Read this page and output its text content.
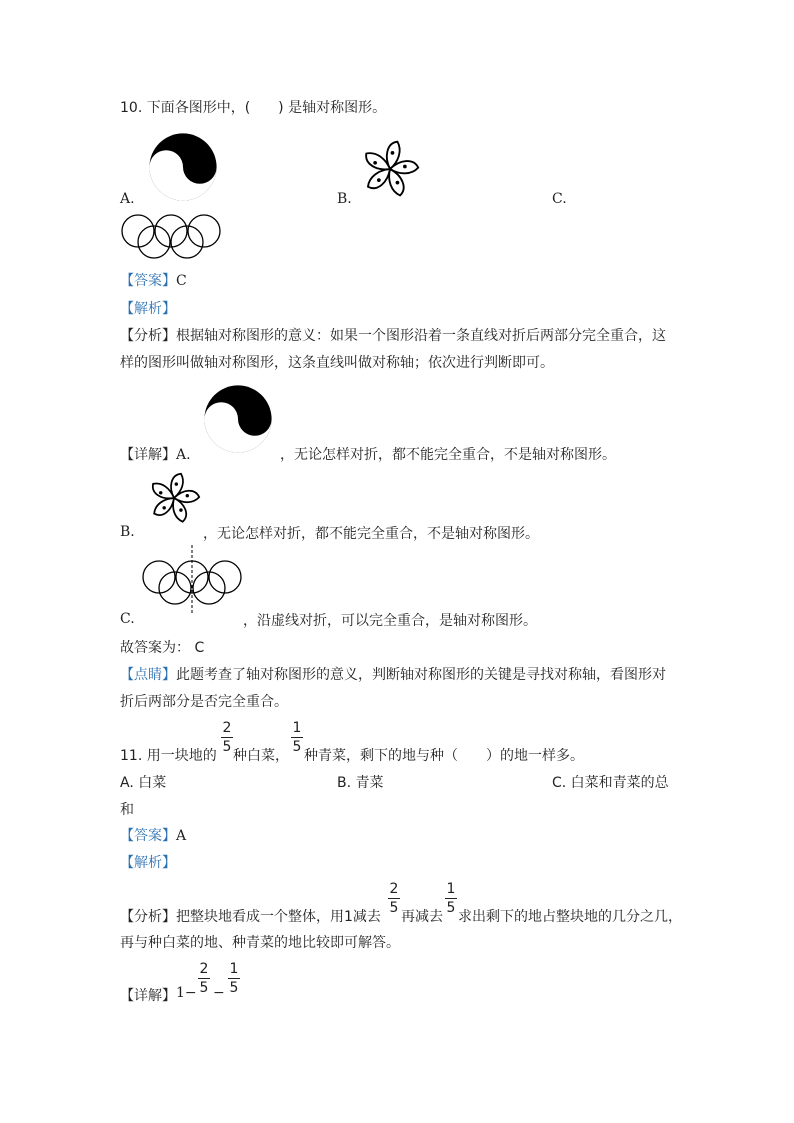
10. 下面各图形中，(　　) 是轴对称图形。
A.	B.	C.
【答案】C
【解析】
【分析】根据轴对称图形的意义：如果一个图形沿着一条直线对折后两部分完全重合，这
样的图形叫做轴对称图形，这条直线叫做对称轴；依次进行判断即可。
【详解】A.	，无论怎样对折，都不能完全重合，不是轴对称图形。
B.	，无论怎样对折，都不能完全重合，不是轴对称图形。
C.	，沿虚线对折，可以完全重合，是轴对称图形。
故答案为： C
【点睛】此题考查了轴对称图形的意义，判断轴对称图形的关键是寻找对称轴，看图形对
折后两部分是否完全重合。
11. 用一块地的
2
5
种白菜，
1
5
种青菜，剩下的地与种（　　）的地一样多。
A. 白菜	B. 青菜	C. 白菜和青菜的总
和
【答案】A
【解析】
【分析】把整块地看成一个整体，用1减去
2
5
再减去
1
5
求出剩下的地占整块地的几分之几，
再与种白菜的地、种青菜的地比较即可解答。
【详解】 1−
2
5 −
1
5
